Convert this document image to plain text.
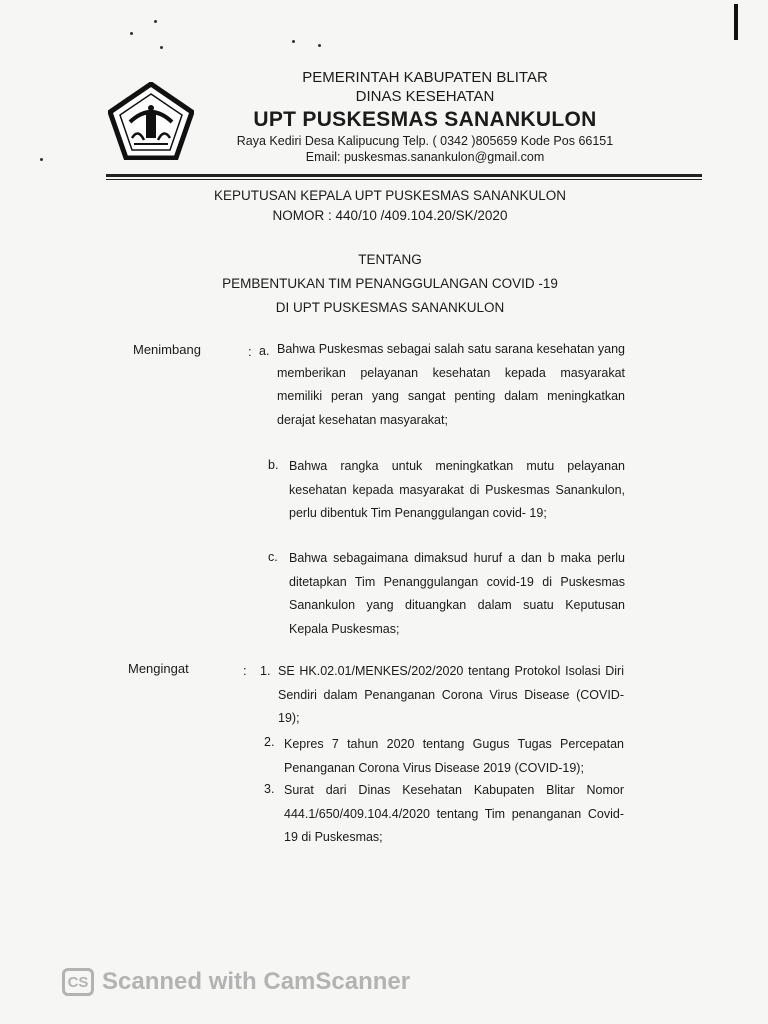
PEMERINTAH KABUPATEN BLITAR
DINAS KESEHATAN
UPT PUSKESMAS SANANKULON
Raya Kediri Desa Kalipucung Telp. ( 0342 )805659 Kode Pos 66151
Email: puskesmas.sanankulon@gmail.com
KEPUTUSAN KEPALA UPT PUSKESMAS SANANKULON
NOMOR : 440/10 /409.104.20/SK/2020
TENTANG
PEMBENTUKAN TIM PENANGGULANGAN COVID -19
DI UPT PUSKESMAS SANANKULON
Menimbang	: a. Bahwa Puskesmas sebagai salah satu sarana kesehatan yang memberikan pelayanan kesehatan kepada masyarakat memiliki peran yang sangat penting dalam meningkatkan derajat kesehatan masyarakat;
b. Bahwa rangka untuk meningkatkan mutu pelayanan kesehatan kepada masyarakat di Puskesmas Sanankulon, perlu dibentuk Tim Penanggulangan covid- 19;
c. Bahwa sebagaimana dimaksud huruf a dan b maka perlu ditetapkan Tim Penanggulangan covid-19 di Puskesmas Sanankulon yang dituangkan dalam suatu Keputusan Kepala Puskesmas;
Mengingat	: 1. SE HK.02.01/MENKES/202/2020 tentang Protokol Isolasi Diri Sendiri dalam Penanganan Corona Virus Disease (COVID-19);
2. Kepres 7 tahun 2020 tentang Gugus Tugas Percepatan Penanganan Corona Virus Disease 2019 (COVID-19);
3. Surat dari Dinas Kesehatan Kabupaten Blitar Nomor 444.1/650/409.104.4/2020 tentang Tim penanganan Covid-19 di Puskesmas;
CS Scanned with CamScanner
